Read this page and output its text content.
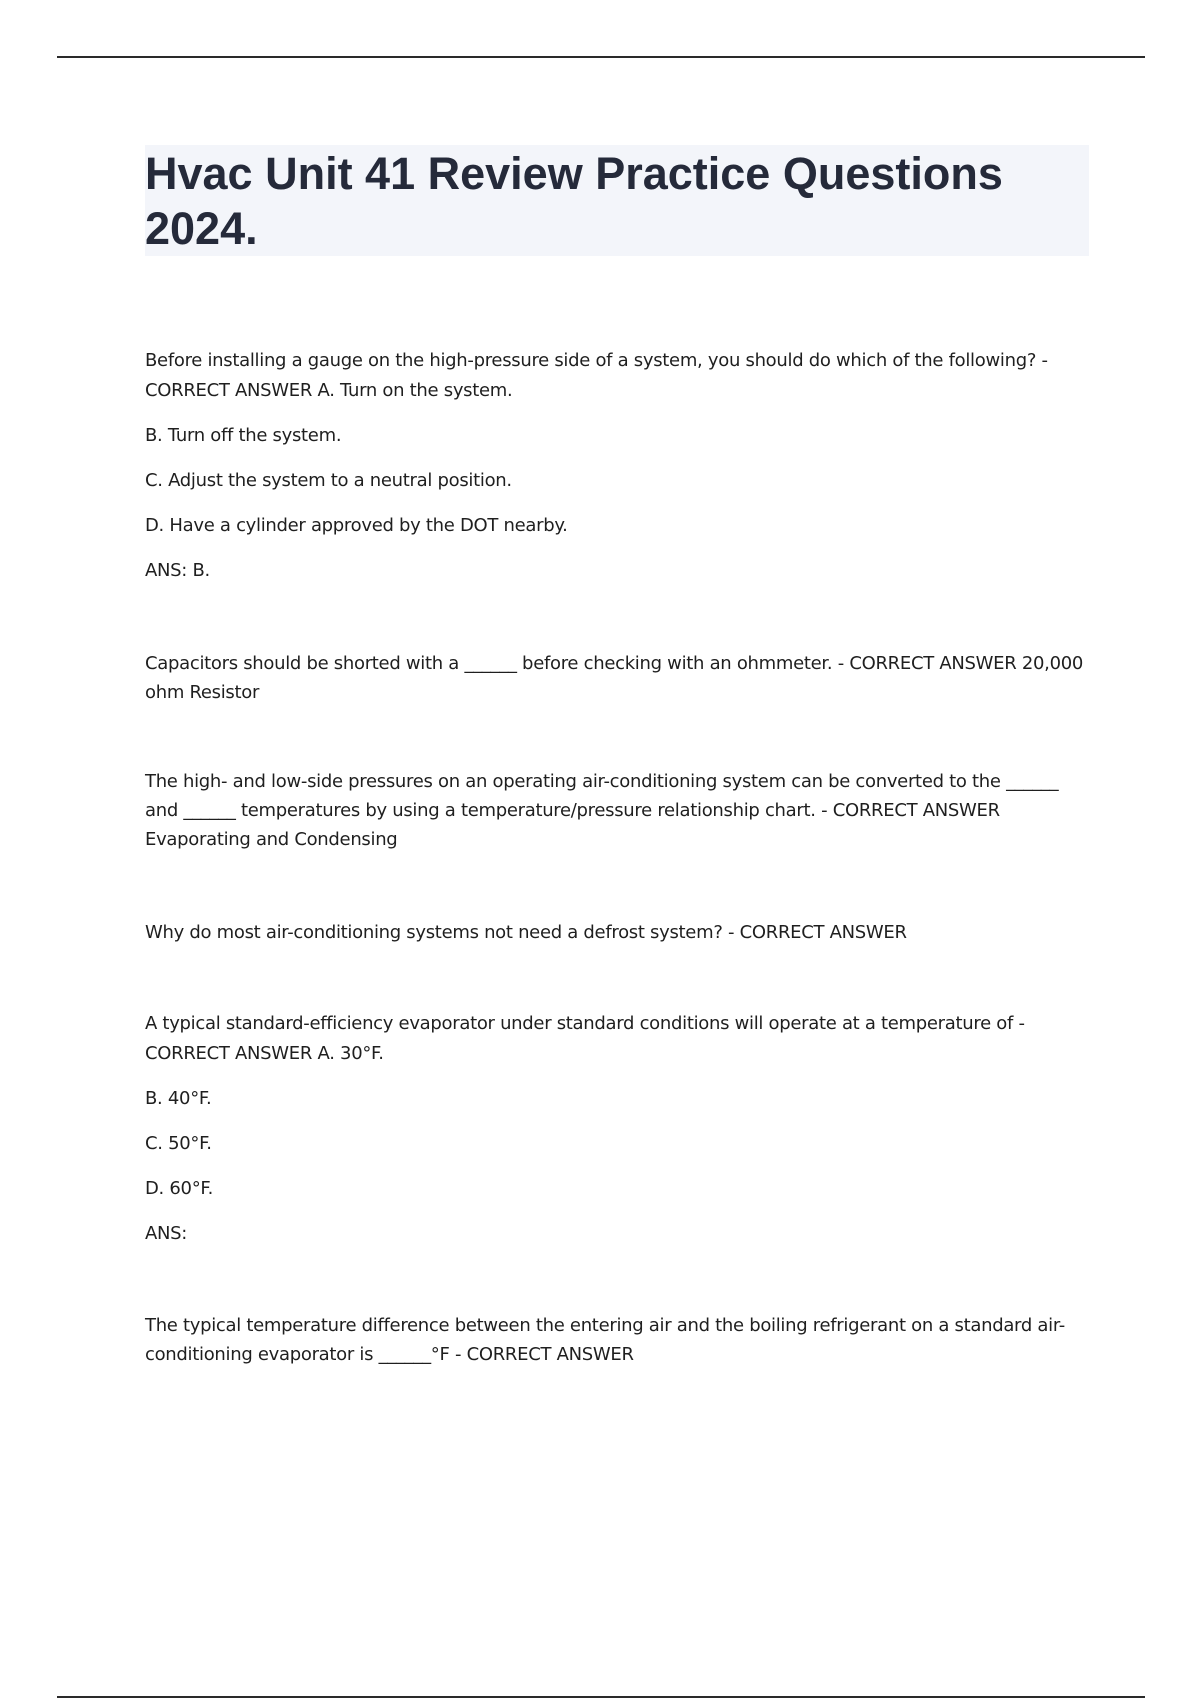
Hvac Unit 41 Review Practice Questions 2024.

Before installing a gauge on the high-pressure side of a system, you should do which of the following? - CORRECT ANSWER A. Turn on the system.

B. Turn off the system.

C. Adjust the system to a neutral position.

D. Have a cylinder approved by the DOT nearby.

ANS: B.

Capacitors should be shorted with a ______ before checking with an ohmmeter. - CORRECT ANSWER 20,000 ohm Resistor

The high- and low-side pressures on an operating air-conditioning system can be converted to the ______ and ______ temperatures by using a temperature/pressure relationship chart. - CORRECT ANSWER Evaporating and Condensing

Why do most air-conditioning systems not need a defrost system? - CORRECT ANSWER

A typical standard-efficiency evaporator under standard conditions will operate at a temperature of - CORRECT ANSWER A. 30°F.

B. 40°F.

C. 50°F.

D. 60°F.

ANS:

The typical temperature difference between the entering air and the boiling refrigerant on a standard air-conditioning evaporator is ______°F - CORRECT ANSWER
